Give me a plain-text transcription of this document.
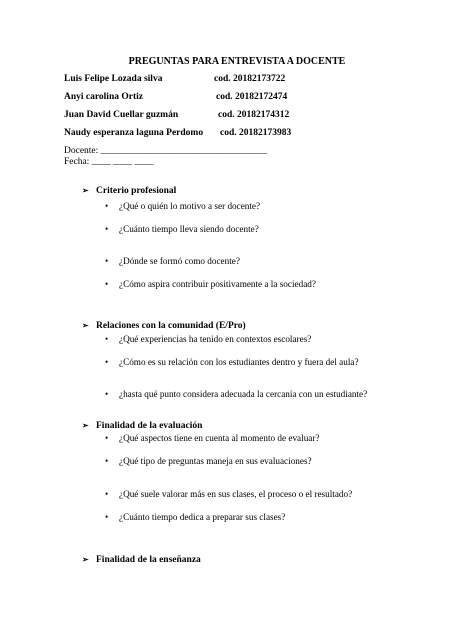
PREGUNTAS PARA ENTREVISTA A DOCENTE
Luis Felipe Lozada silva	cod. 20182173722
Anyi carolina Ortiz	cod. 20182172474
Juan David Cuellar guzmán	cod. 20182174312
Naudy esperanza laguna Perdomo cod. 20182173983
Docente: ___________________________________
Fecha: ____ ____ ____
➢ Criterio profesional
• ¿Qué o quién lo motivo a ser docente?
• ¿Cuánto tiempo lleva siendo docente?
• ¿Dónde se formó como docente?
• ¿Cómo aspira contribuir positivamente a la sociedad?
➢ Relaciones con la comunidad (E/Pro)
• ¿Qué experiencias ha tenido en contextos escolares?
• ¿Cómo es su relación con los estudiantes dentro y fuera del aula?
• ¿hasta qué punto considera adecuada la cercanía con un estudiante?
➢ Finalidad de la evaluación
• ¿Qué aspectos tiene en cuenta al momento de evaluar?
• ¿Qué tipo de preguntas maneja en sus evaluaciones?
• ¿Qué suele valorar más en sus clases, el proceso o el resultado?
• ¿Cuánto tiempo dedica a preparar sus clases?
➢ Finalidad de la enseñanza
